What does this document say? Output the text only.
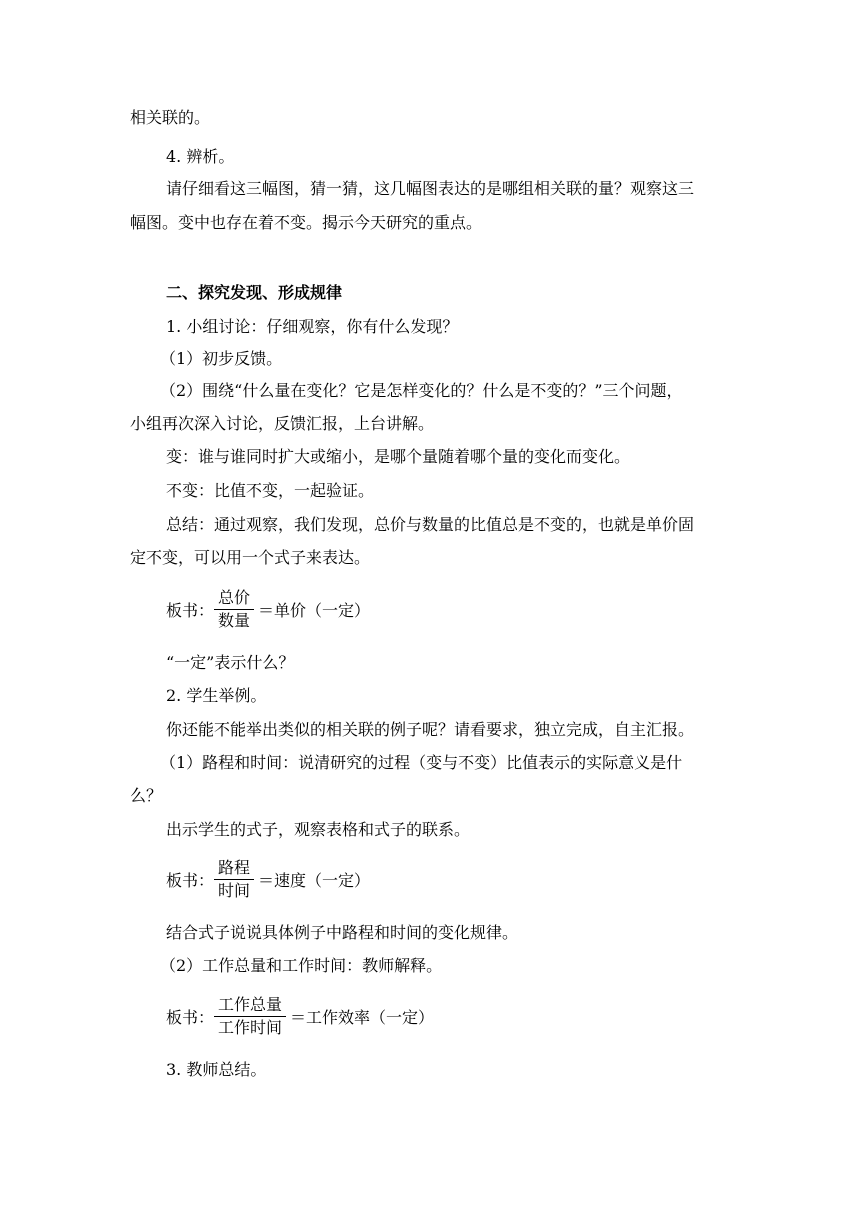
相关联的。
4. 辨析。
请仔细看这三幅图，猜一猜，这几幅图表达的是哪组相关联的量？观察这三
幅图。变中也存在着不变。揭示今天研究的重点。
二、探究发现、形成规律
1. 小组讨论：仔细观察，你有什么发现？
（1）初步反馈。
（2）围绕“什么量在变化？它是怎样变化的？什么是不变的？”三个问题，
小组再次深入讨论，反馈汇报，上台讲解。
变：谁与谁同时扩大或缩小，是哪个量随着哪个量的变化而变化。
不变：比值不变，一起验证。
总结：通过观察，我们发现，总价与数量的比值总是不变的，也就是单价固
定不变，可以用一个式子来表达。
板书： $\frac{\text{总价}}{\text{数量}}$ ＝单价（一定）
“一定”表示什么？
2. 学生举例。
你还能不能举出类似的相关联的例子呢？请看要求，独立完成，自主汇报。
（1）路程和时间：说清研究的过程（变与不变）比值表示的实际意义是什
么？
出示学生的式子，观察表格和式子的联系。
板书： $\frac{\text{路程}}{\text{时间}}$ ＝速度（一定）
结合式子说说具体例子中路程和时间的变化规律。
（2）工作总量和工作时间：教师解释。
板书： $\frac{\text{工作总量}}{\text{工作时间}}$ ＝工作效率（一定）
3. 教师总结。
